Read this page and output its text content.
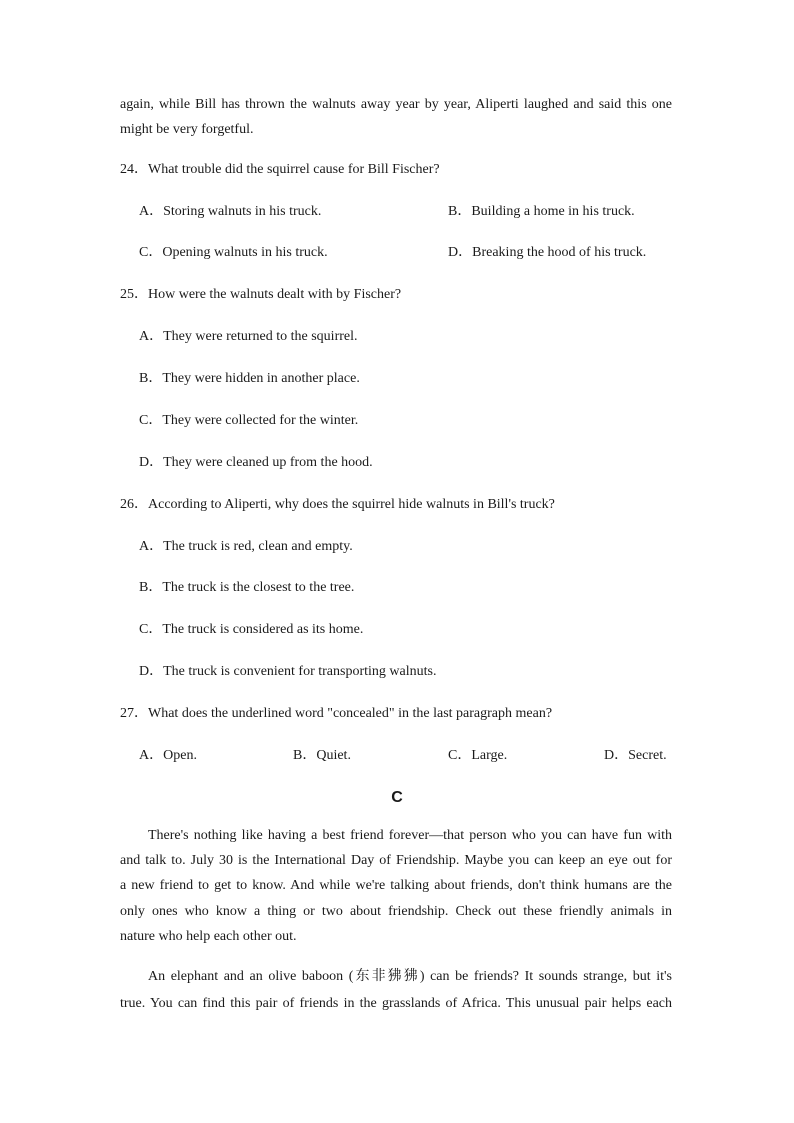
again, while Bill has thrown the walnuts away year by year, Aliperti laughed and said this one
might be very forgetful.
24．What trouble did the squirrel cause for Bill Fischer?
A．Storing walnuts in his truck.	B．Building a home in his truck.
C．Opening walnuts in his truck.	D．Breaking the hood of his truck.
25．How were the walnuts dealt with by Fischer?
A．They were returned to the squirrel.
B．They were hidden in another place.
C．They were collected for the winter.
D．They were cleaned up from the hood.
26．According to Aliperti, why does the squirrel hide walnuts in Bill's truck?
A．The truck is red, clean and empty.
B．The truck is the closest to the tree.
C．The truck is considered as its home.
D．The truck is convenient for transporting walnuts.
27．What does the underlined word "concealed" in the last paragraph mean?
A．Open.	B．Quiet.	C．Large.	D．Secret.
C
There's nothing like having a best friend forever—that person who you can have fun with
and talk to. July 30 is the International Day of Friendship. Maybe you can keep an eye out for
a new friend to get to know. And while we're talking about friends, don't think humans are the
only ones who know a thing or two about friendship. Check out these friendly animals in
nature who help each other out.
An elephant and an olive baboon (东非狒狒) can be friends? It sounds strange, but it's
true. You can find this pair of friends in the grasslands of Africa. This unusual pair helps each
